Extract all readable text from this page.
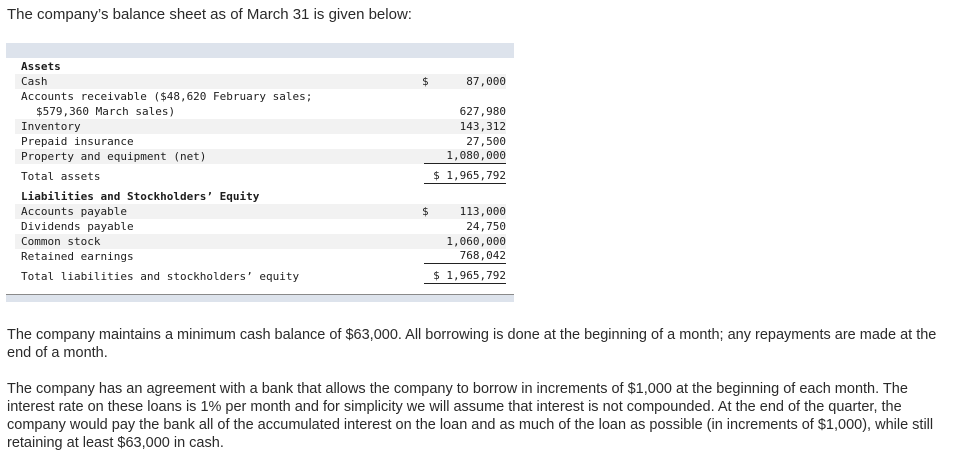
The company’s balance sheet as of March 31 is given below:
Assets
Cash	$	87,000
Accounts receivable ($48,620 February sales;
$579,360 March sales)	627,980
Inventory	143,312
Prepaid insurance	27,500
Property and equipment (net)	1,080,000
Total assets	$ 1,965,792
Liabilities and Stockholders’ Equity
Accounts payable	$	113,000
Dividends payable	24,750
Common stock	1,060,000
Retained earnings	768,042
Total liabilities and stockholders’ equity	$ 1,965,792
The company maintains a minimum cash balance of $63,000. All borrowing is done at the beginning of a month; any repayments are made at the end of a month.
The company has an agreement with a bank that allows the company to borrow in increments of $1,000 at the beginning of each month. The interest rate on these loans is 1% per month and for simplicity we will assume that interest is not compounded. At the end of the quarter, the company would pay the bank all of the accumulated interest on the loan and as much of the loan as possible (in increments of $1,000), while still retaining at least $63,000 in cash.
